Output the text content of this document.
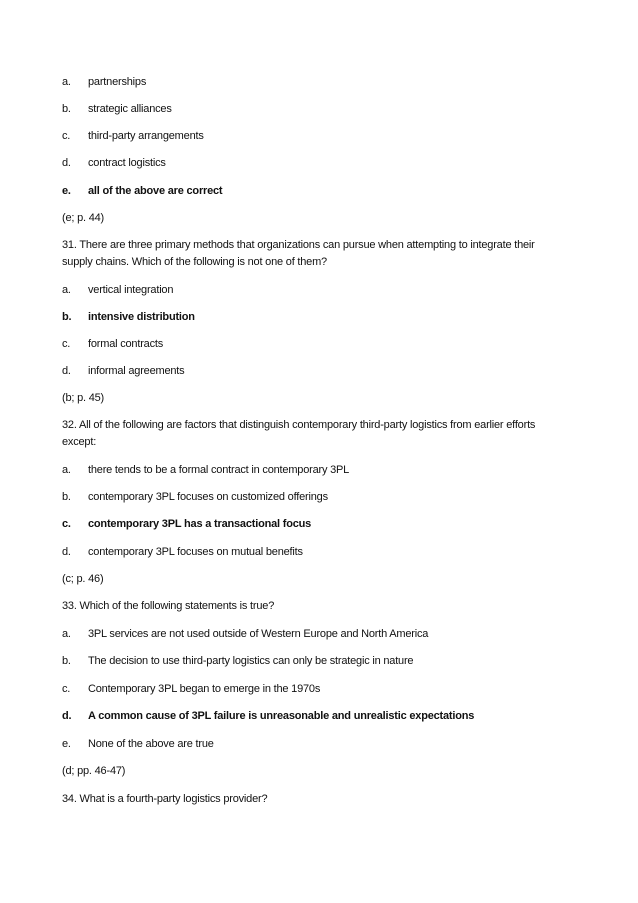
a. partnerships
b. strategic alliances
c. third-party arrangements
d. contract logistics
e. all of the above are correct
(e; p. 44)
31. There are three primary methods that organizations can pursue when attempting to integrate their supply chains. Which of the following is not one of them?
a. vertical integration
b. intensive distribution
c. formal contracts
d. informal agreements
(b; p. 45)
32. All of the following are factors that distinguish contemporary third-party logistics from earlier efforts except:
a. there tends to be a formal contract in contemporary 3PL
b. contemporary 3PL focuses on customized offerings
c. contemporary 3PL has a transactional focus
d. contemporary 3PL focuses on mutual benefits
(c; p. 46)
33. Which of the following statements is true?
a. 3PL services are not used outside of Western Europe and North America
b. The decision to use third-party logistics can only be strategic in nature
c. Contemporary 3PL began to emerge in the 1970s
d. A common cause of 3PL failure is unreasonable and unrealistic expectations
e. None of the above are true
(d; pp. 46-47)
34. What is a fourth-party logistics provider?
